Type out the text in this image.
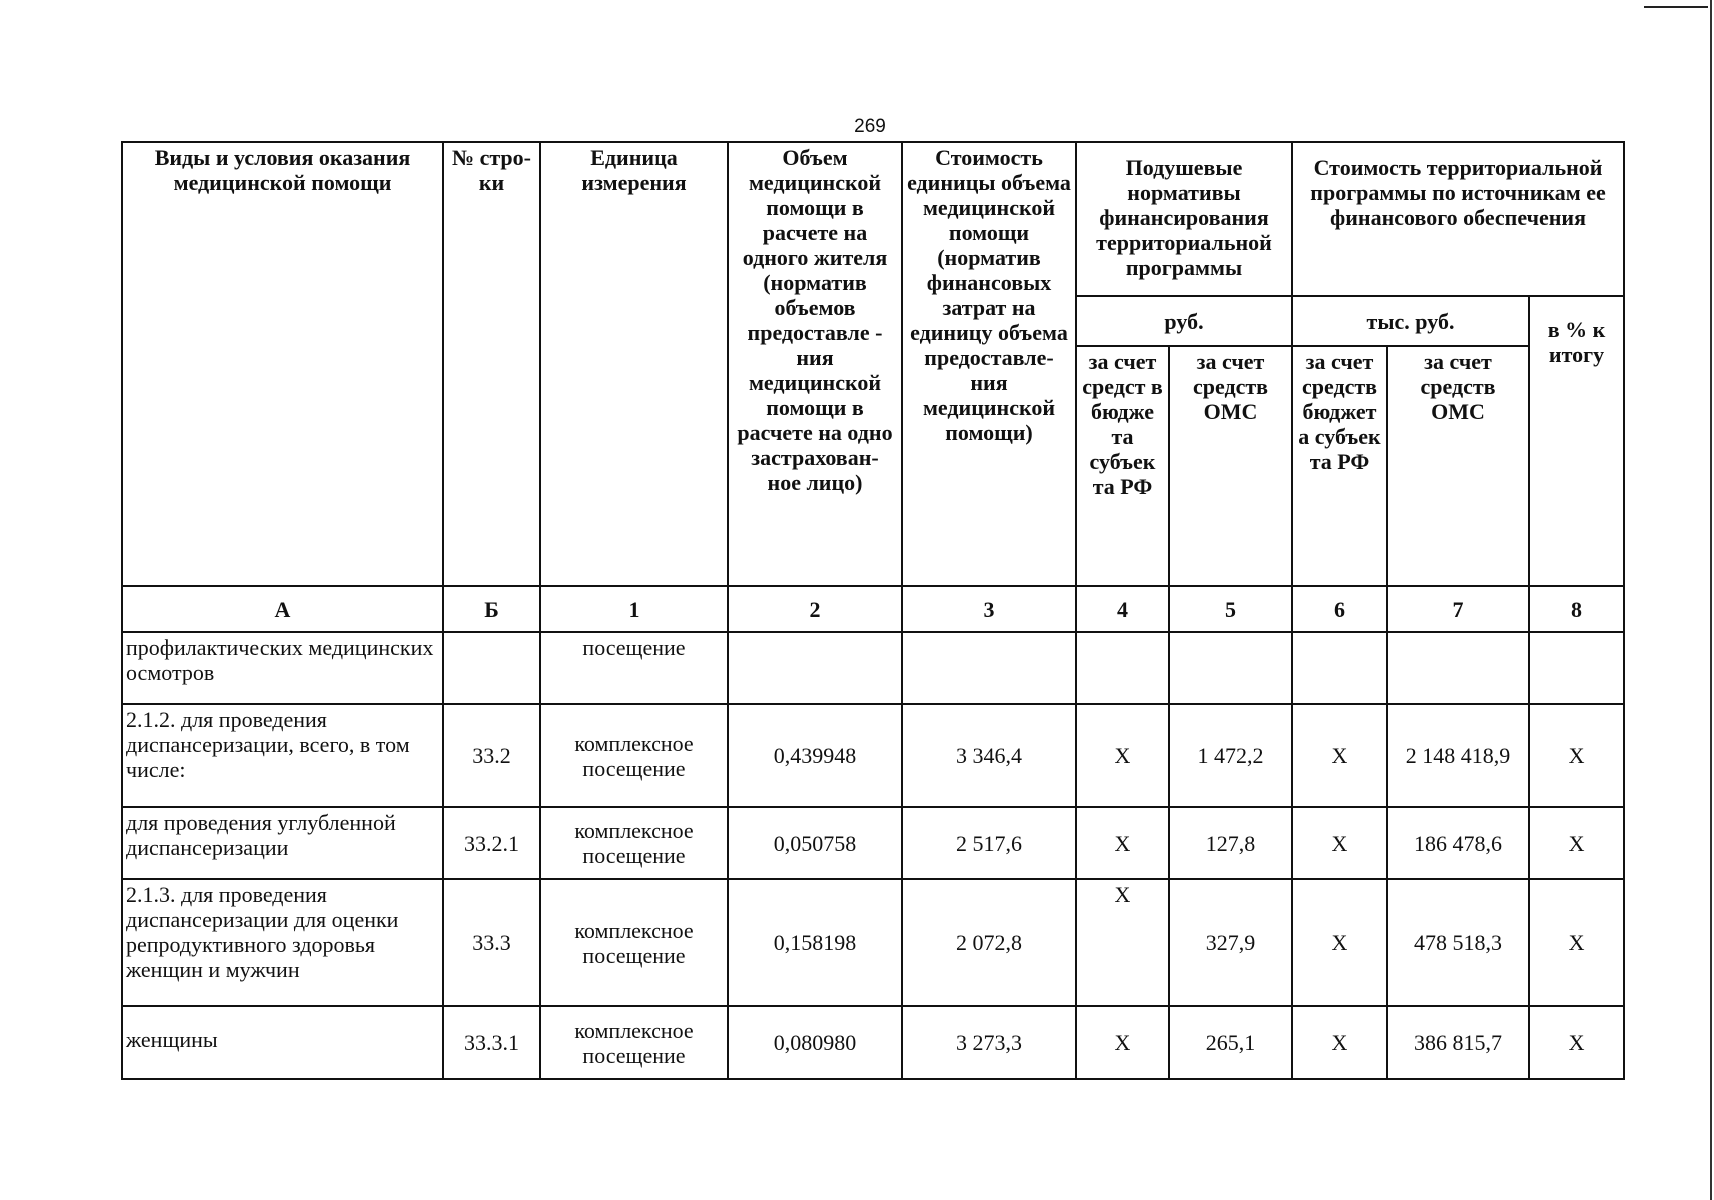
269
Виды и условия оказания медицинской помощи	№ стро- ки	Единица измерения	Объем медицинской помощи в расчете на одного жителя (норматив объемов предоставле - ния медицинской помощи в расчете на одно застрахован- ное лицо)	Стоимость единицы объема медицинской помощи (норматив финансовых затрат на единицу объема предоставле- ния медицинской помощи)	Подушевые нормативы финансирования территориальной программы		Стоимость территориальной программы по источникам ее финансового обеспечения		
					руб.		тыс. руб.		в % к итогу
					за счет средст в бюдже та субъек та РФ	за счет средств ОМС	за счет средств бюджет а субъек та РФ	за счет средств ОМС	
А	Б	1	2	3	4	5	6	7	8
профилактических медицинских осмотров		посещение							
2.1.2. для проведения диспансеризации, всего, в том числе:	33.2	комплексное посещение	0,439948	3 346,4	Х	1 472,2	Х	2 148 418,9	Х
для проведения углубленной диспансеризации	33.2.1	комплексное посещение	0,050758	2 517,6	Х	127,8	Х	186 478,6	Х
2.1.3. для проведения диспансеризации для оценки репродуктивного здоровья женщин и мужчин	33.3	комплексное посещение	0,158198	2 072,8	Х	327,9	Х	478 518,3	Х
женщины	33.3.1	комплексное посещение	0,080980	3 273,3	Х	265,1	Х	386 815,7	Х
